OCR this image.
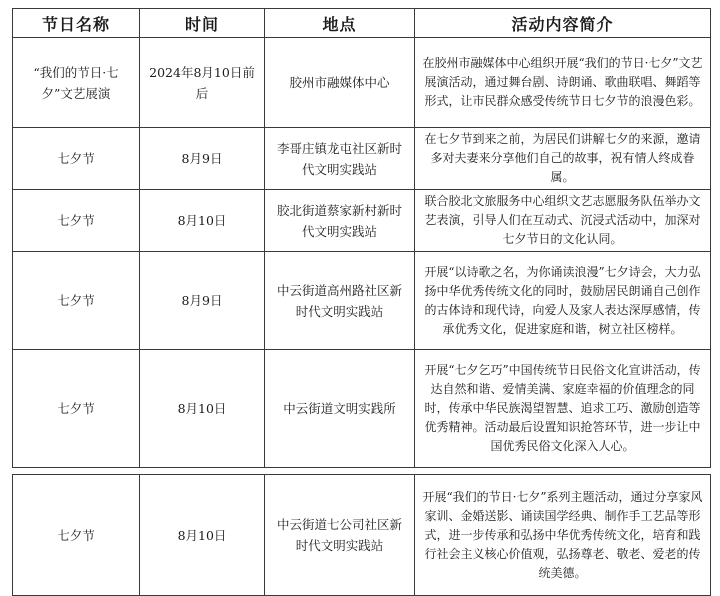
节日名称	时间	地点	活动内容简介
“我们的节日·七夕”文艺展演	2024年8月10日前后	胶州市融媒体中心	在胶州市融媒体中心组织开展“我们的节日·七夕”文艺展演活动，通过舞台剧、诗朗诵、歌曲联唱、舞蹈等形式，让市民群众感受传统节日七夕节的浪漫色彩。
七夕节	8月9日	李哥庄镇龙屯社区新时代文明实践站	在七夕节到来之前，为居民们讲解七夕的来源，邀请多对夫妻来分享他们自己的故事，祝有情人终成眷属。
七夕节	8月10日	胶北街道蔡家新村新时代文明实践站	联合胶北文旅服务中心组织文艺志愿服务队伍举办文艺表演，引导人们在互动式、沉浸式活动中，加深对七夕节日的文化认同。
七夕节	8月9日	中云街道高州路社区新时代文明实践站	开展“以诗歌之名，为你诵读浪漫”七夕诗会，大力弘扬中华优秀传统文化的同时，鼓励居民朗诵自己创作的古体诗和现代诗，向爱人及家人表达深厚感情，传承优秀文化，促进家庭和谐，树立社区榜样。
七夕节	8月10日	中云街道文明实践所	开展“七夕乞巧”中国传统节日民俗文化宣讲活动，传达自然和谐、爱情美满、家庭幸福的价值理念的同时，传承中华民族渴望智慧、追求工巧、激励创造等优秀精神。活动最后设置知识抢答环节，进一步让中国优秀民俗文化深入人心。

七夕节	8月10日	中云街道七公司社区新时代文明实践站	开展“我们的节日·七夕”系列主题活动，通过分享家风家训、金婚送影、诵读国学经典、制作手工艺品等形式，进一步传承和弘扬中华优秀传统文化，培育和践行社会主义核心价值观，弘扬尊老、敬老、爱老的传统美德。
